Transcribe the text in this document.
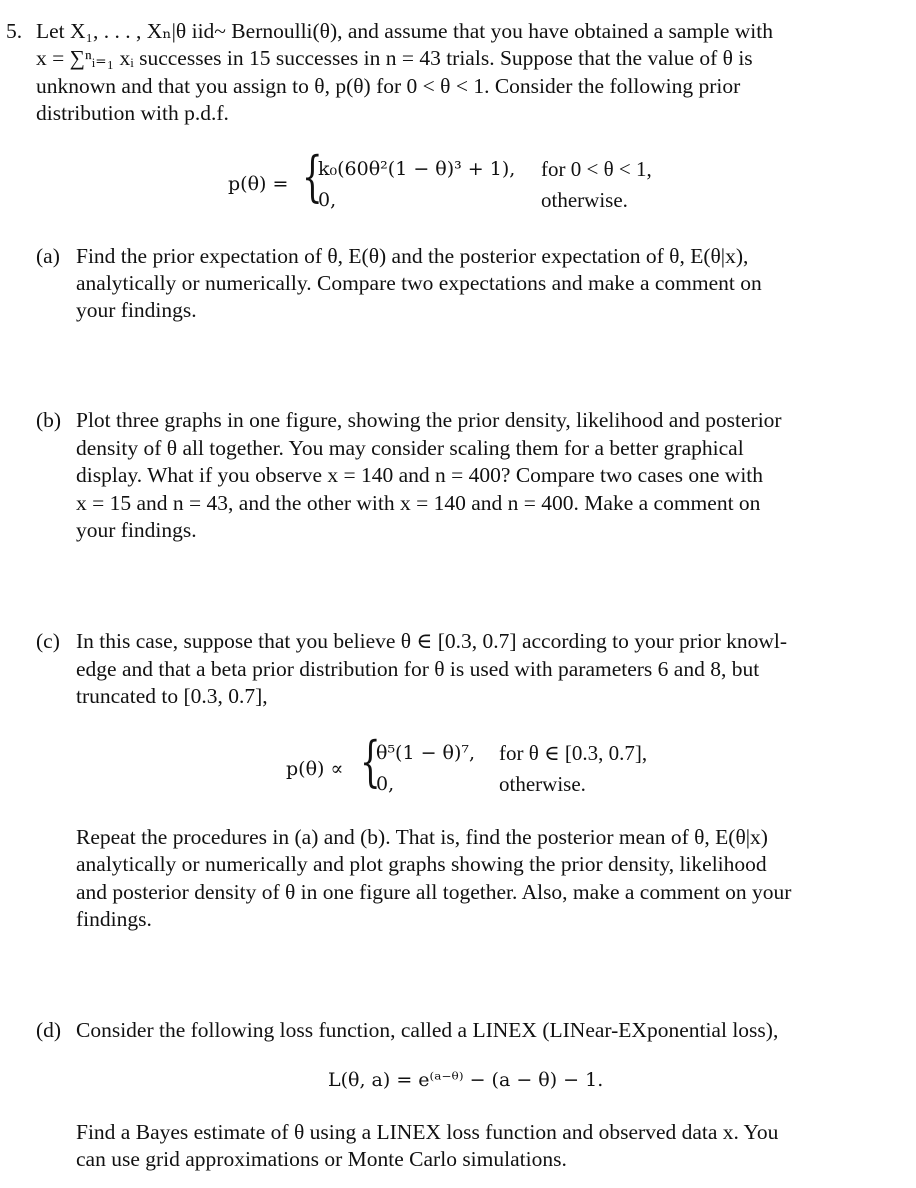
5. Let X₁, . . . , Xₙ|θ iid~ Bernoulli(θ), and assume that you have obtained a sample with
x = ∑ⁿᵢ₌₁ xᵢ successes in 15 successes in n = 43 trials. Suppose that the value of θ is
unknown and that you assign to θ, p(θ) for 0 < θ < 1. Consider the following prior
distribution with p.d.f.
p(θ) = {
k₀(60θ²(1 − θ)³ + 1), for 0 < θ < 1,
0,	otherwise.
(a) Find the prior expectation of θ, E(θ) and the posterior expectation of θ, E(θ|x),
analytically or numerically. Compare two expectations and make a comment on
your findings.
(b) Plot three graphs in one figure, showing the prior density, likelihood and posterior
density of θ all together. You may consider scaling them for a better graphical
display. What if you observe x = 140 and n = 400? Compare two cases one with
x = 15 and n = 43, and the other with x = 140 and n = 400. Make a comment on
your findings.
(c) In this case, suppose that you believe θ ∈ [0.3, 0.7] according to your prior knowl-
edge and that a beta prior distribution for θ is used with parameters 6 and 8, but
truncated to [0.3, 0.7],
p(θ) ∝ {
θ⁵(1 − θ)⁷, for θ ∈ [0.3, 0.7],
0,	otherwise.
Repeat the procedures in (a) and (b). That is, find the posterior mean of θ, E(θ|x)
analytically or numerically and plot graphs showing the prior density, likelihood
and posterior density of θ in one figure all together. Also, make a comment on your
findings.
(d) Consider the following loss function, called a LINEX (LINear-EXponential loss),
L(θ, a) = e⁽ᵃ⁻ᶿ⁾ − (a − θ) − 1.
Find a Bayes estimate of θ using a LINEX loss function and observed data x. You
can use grid approximations or Monte Carlo simulations.
